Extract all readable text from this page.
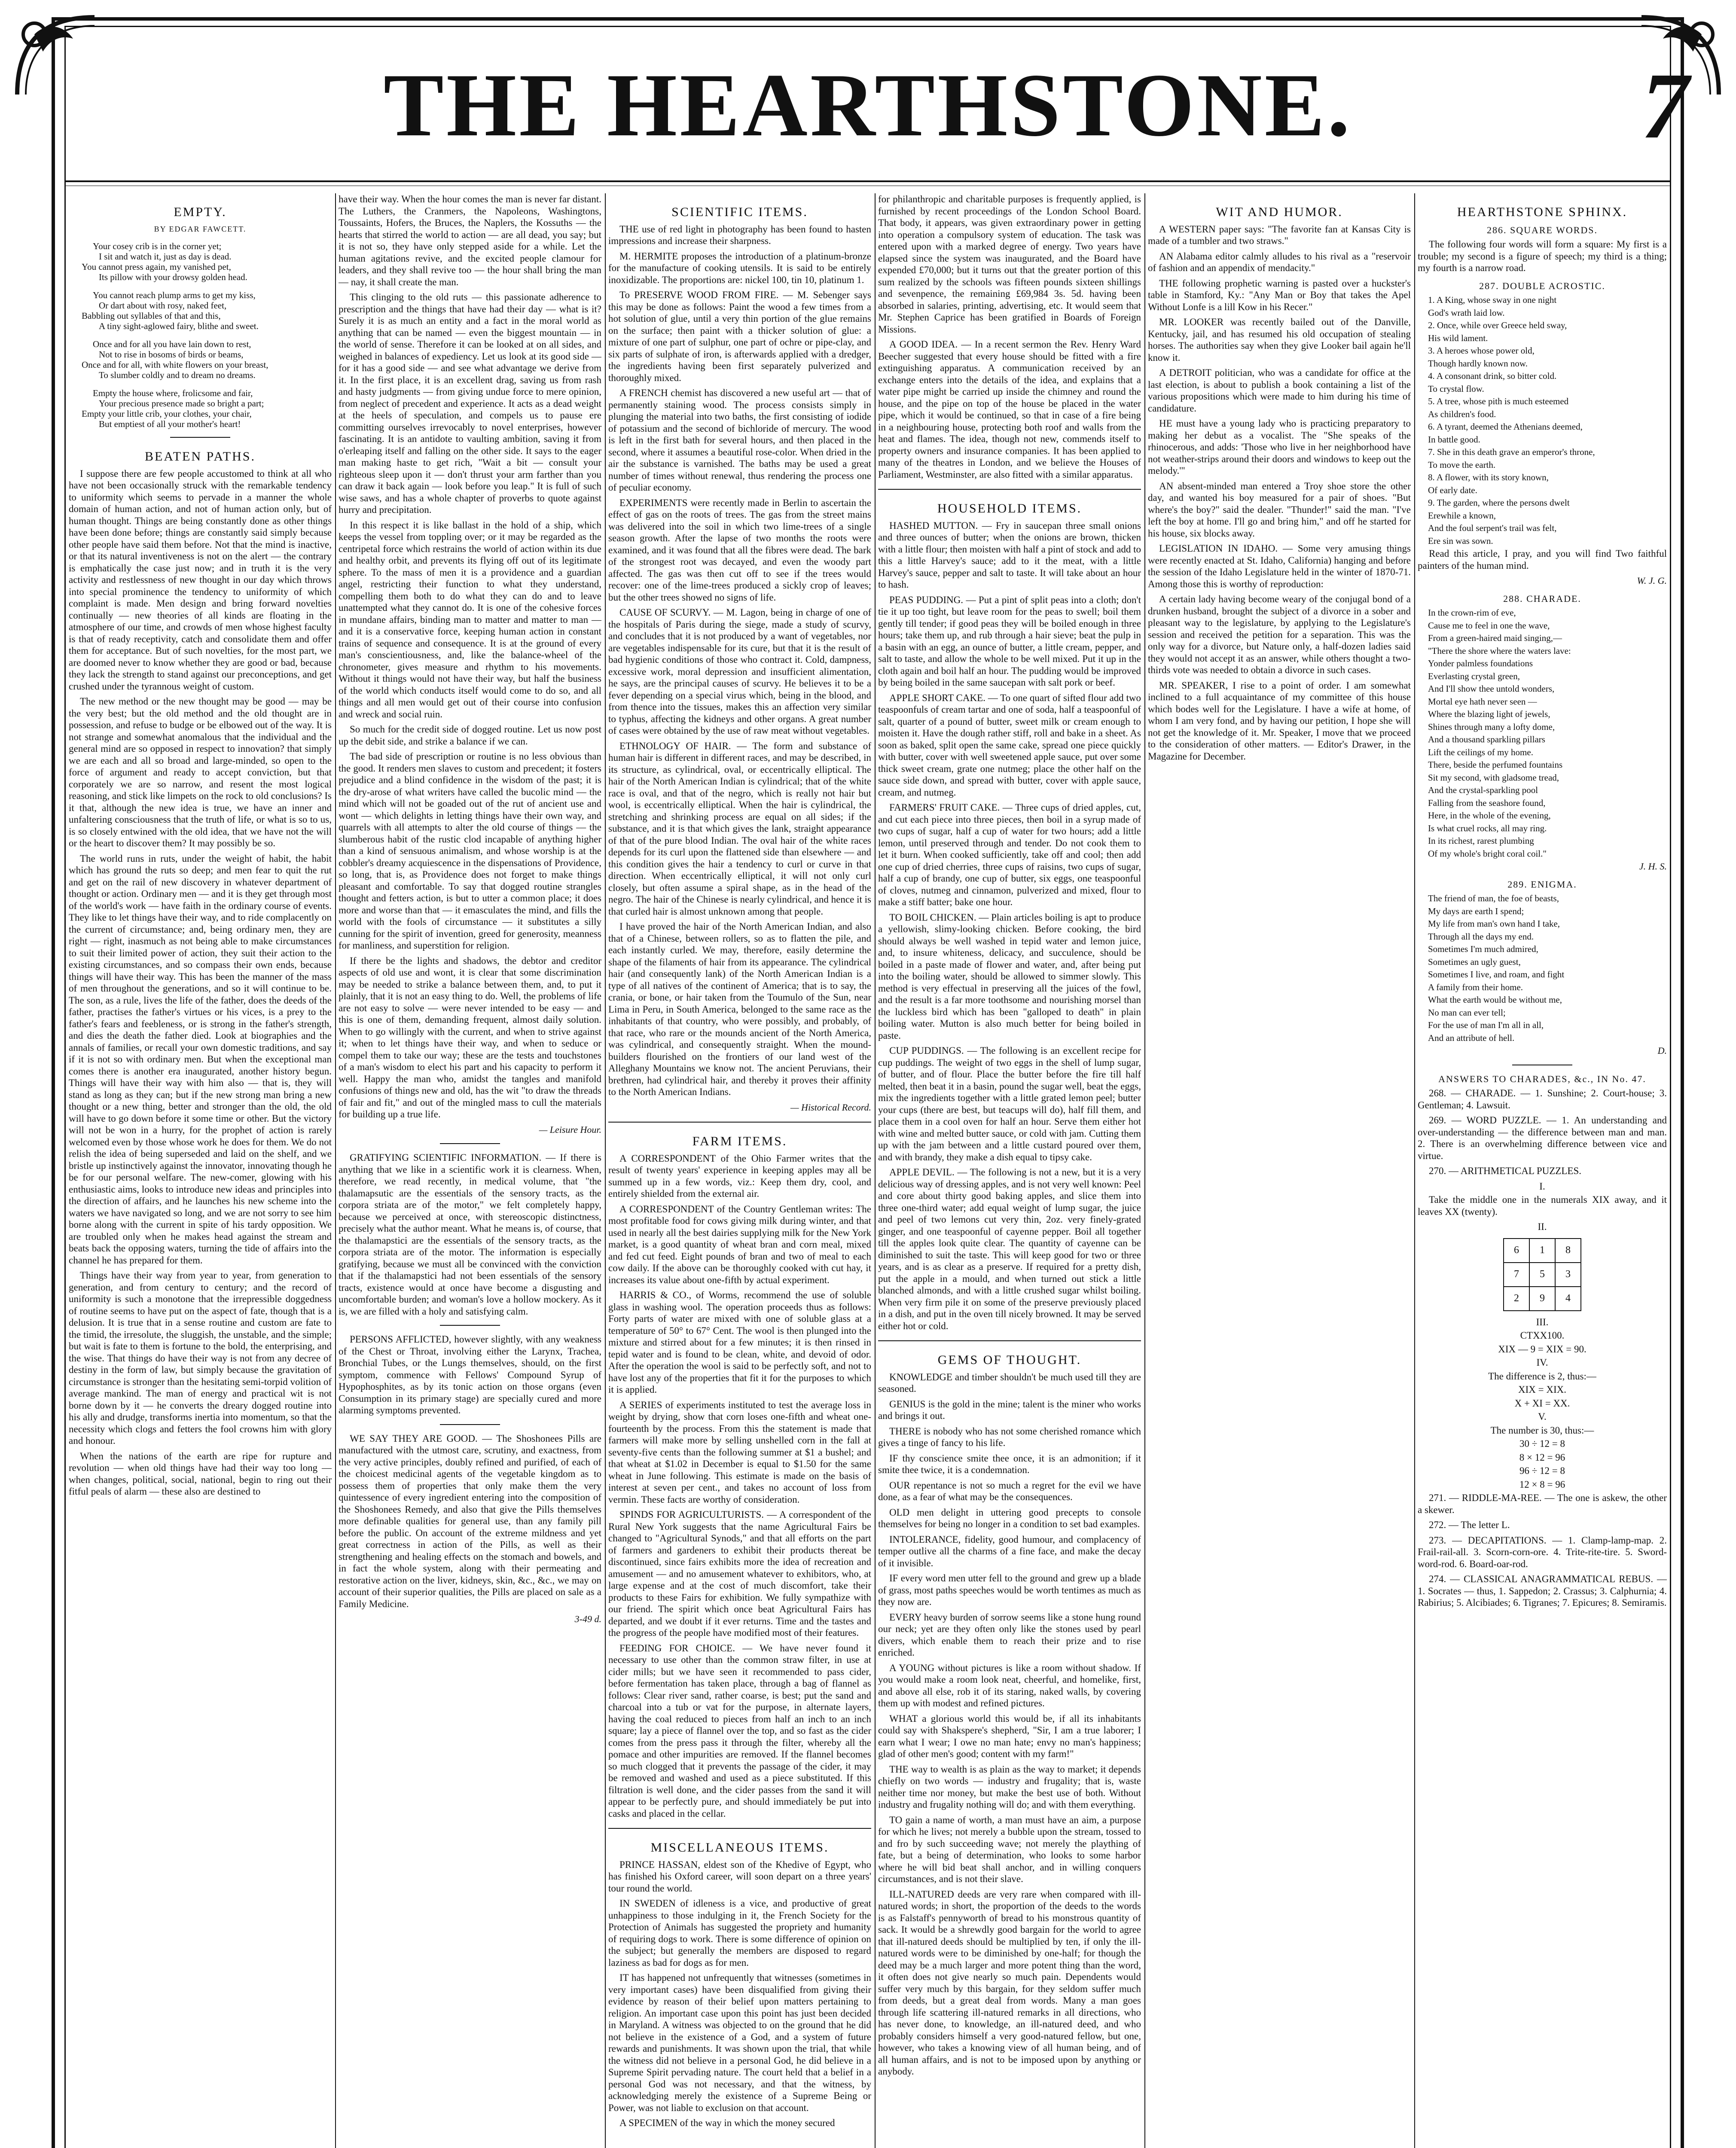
THE HEARTHSTONE.	7
EMPTY.
BY EDGAR FAWCETT.

Your cosey crib is in the corner yet;
I sit and watch it, just as day is dead.
You cannot press again, my vanished pet,
Its pillow with your drowsy golden head.

You cannot reach plump arms to get my kiss,
Or dart about with rosy, naked feet,
Babbling out syllables of that and this,
A tiny sight-aglowed fairy, blithe and sweet.

Once and for all you have lain down to rest,
Not to rise in bosoms of birds or beams,
Once and for all, with white flowers on your breast,
To slumber coldly and to dream no dreams.

Empty the house where, frolicsome and fair,
Your precious presence made so bright a part;
Empty your little crib, your clothes, your chair,
But emptiest of all your mother's heart!

BEATEN PATHS.

I suppose there are few people accustomed to think at all who have not been occasionally struck with the remarkable tendency to uniformity which seems to pervade in a manner the whole domain of human action, and not of human action only, but of human thought. Things are being constantly done as other things have been done before; things are constantly said simply because other people have said them before. Not that the mind is inactive, or that its natural inventiveness is not on the alert — the contrary is emphatically the case just now; and in truth it is the very activity and restlessness of new thought in our day which throws into special prominence the tendency to uniformity of which complaint is made. Men design and bring forward novelties continually — new theories of all kinds are floating in the atmosphere of our time, and crowds of men whose highest faculty is that of ready receptivity, catch and consolidate them and offer them for acceptance. But of such novelties, for the most part, we are doomed never to know whether they are good or bad, because they lack the strength to stand against our preconceptions, and get crushed under the tyrannous weight of custom.

The new method or the new thought may be good — may be the very best; but the old method and the old thought are in possession, and refuse to budge or be elbowed out of the way. It is not strange and somewhat anomalous that the individual and the general mind are so opposed in respect to innovation? that simply we are each and all so broad and large-minded, so open to the force of argument and ready to accept conviction, but that corporately we are so narrow, and resent the most logical reasoning, and stick like limpets on the rock to old conclusions? Is it that, although the new idea is true, we have an inner and unfaltering consciousness that the truth of life, or what is so to us, is so closely entwined with the old idea, that we have not the will or the heart to discover them? It may possibly be so.

The world runs in ruts, under the weight of habit, the habit which has ground the ruts so deep; and men fear to quit the rut and get on the rail of new discovery in whatever department of thought or action. Ordinary men — and it is they get through most of the world's work — have faith in the ordinary course of events. They like to let things have their way, and to ride complacently on the current of circumstance; and, being ordinary men, they are right — right, inasmuch as not being able to make circumstances to suit their limited power of action, they suit their action to the existing circumstances, and so compass their own ends, because things will have their way. This has been the manner of the mass of men throughout the generations, and so it will continue to be. The son, as a rule, lives the life of the father, does the deeds of the father, practises the father's virtues or his vices, is a prey to the father's fears and feebleness, or is strong in the father's strength, and dies the death the father died. Look at biographies and the annals of families, or recall your own domestic traditions, and say if it is not so with ordinary men. But when the exceptional man comes there is another era inaugurated, another history begun. Things will have their way with him also — that is, they will stand as long as they can; but if the new strong man bring a new thought or a new thing, better and stronger than the old, the old will have to go down before it some time or other. But the victory will not be won in a hurry, for the prophet of action is rarely welcomed even by those whose work he does for them. We do not relish the idea of being superseded and laid on the shelf, and we bristle up instinctively against the innovator, innovating though he be for our personal welfare. The new-comer, glowing with his enthusiastic aims, looks to introduce new ideas and principles into the direction of affairs, and he launches his new scheme into the waters we have navigated so long, and we are not sorry to see him borne along with the current in spite of his tardy opposition. We are troubled only when he makes head against the stream and beats back the opposing waters, turning the tide of affairs into the channel he has prepared for them.

Things have their way from year to year, from generation to generation, and from century to century; and the record of uniformity is such a monotone that the irrepressible doggedness of routine seems to have put on the aspect of fate, though that is a delusion. It is true that in a sense routine and custom are fate to the timid, the irresolute, the sluggish, the unstable, and the simple; but wait is fate to them is fortune to the bold, the enterprising, and the wise. That things do have their way is not from any decree of destiny in the form of law, but simply because the gravitation of circumstance is stronger than the hesitating semi-torpid volition of average mankind. The man of energy and practical wit is not borne down by it — he converts the dreary dogged routine into his ally and drudge, transforms inertia into momentum, so that the necessity which clogs and fetters the fool crowns him with glory and honour.

When the nations of the earth are ripe for rupture and revolution — when old things have had their way too long — when changes, political, social, national, begin to ring out their fitful peals of alarm — these also are destined to

have their way. When the hour comes the man is never far distant. The Luthers, the Cranmers, the Napoleons, Washingtons, Toussaints, Hofers, the Bruces, the Naplers, the Kossuths — the hearts that stirred the world to action — are all dead, you say; but it is not so, they have only stepped aside for a while. Let the human agitations revive, and the excited people clamour for leaders, and they shall revive too — the hour shall bring the man — nay, it shall create the man.

This clinging to the old ruts — this passionate adherence to prescription and the things that have had their day — what is it? Surely it is as much an entity and a fact in the moral world as anything that can be named — even the biggest mountain — in the world of sense. Therefore it can be looked at on all sides, and weighed in balances of expediency. Let us look at its good side — for it has a good side — and see what advantage we derive from it. In the first place, it is an excellent drag, saving us from rash and hasty judgments — from giving undue force to mere opinion, from neglect of precedent and experience. It acts as a dead weight at the heels of speculation, and compels us to pause ere committing ourselves irrevocably to novel enterprises, however fascinating. It is an antidote to vaulting ambition, saving it from o'erleaping itself and falling on the other side. It says to the eager man making haste to get rich, "Wait a bit — consult your righteous sleep upon it — don't thrust your arm farther than you can draw it back again — look before you leap." It is full of such wise saws, and has a whole chapter of proverbs to quote against hurry and precipitation.

In this respect it is like ballast in the hold of a ship, which keeps the vessel from toppling over; or it may be regarded as the centripetal force which restrains the world of action within its due and healthy orbit, and prevents its flying off out of its legitimate sphere. To the mass of men it is a providence and a guardian angel, restricting their function to what they understand, compelling them both to do what they can do and to leave unattempted what they cannot do. It is one of the cohesive forces in mundane affairs, binding man to matter and matter to man — and it is a conservative force, keeping human action in constant trains of sequence and consequence. It is at the ground of every man's conscientiousness, and, like the balance-wheel of the chronometer, gives measure and rhythm to his movements. Without it things would not have their way, but half the business of the world which conducts itself would come to do so, and all things and all men would get out of their course into confusion and wreck and social ruin.

So much for the credit side of dogged routine. Let us now post up the debit side, and strike a balance if we can.

The bad side of prescription or routine is no less obvious than the good. It renders men slaves to custom and precedent; it fosters prejudice and a blind confidence in the wisdom of the past; it is the dry-arose of what writers have called the bucolic mind — the mind which will not be goaded out of the rut of ancient use and wont — which delights in letting things have their own way, and quarrels with all attempts to alter the old course of things — the slumberous habit of the rustic clod incapable of anything higher than a kind of sensuous animalism, and whose worship is at the cobbler's dreamy acquiescence in the dispensations of Providence, so long, that is, as Providence does not forget to make things pleasant and comfortable. To say that dogged routine strangles thought and fetters action, is but to utter a common place; it does more and worse than that — it emasculates the mind, and fills the world with the fools of circumstance — it substitutes a silly cunning for the spirit of invention, greed for generosity, meanness for manliness, and superstition for religion.

If there be the lights and shadows, the debtor and creditor aspects of old use and wont, it is clear that some discrimination may be needed to strike a balance between them, and, to put it plainly, that it is not an easy thing to do. Well, the problems of life are not easy to solve — were never intended to be easy — and this is one of them, demanding frequent, almost daily solution. When to go willingly with the current, and when to strive against it; when to let things have their way, and when to seduce or compel them to take our way; these are the tests and touchstones of a man's wisdom to elect his part and his capacity to perform it well. Happy the man who, amidst the tangles and manifold confusions of things new and old, has the wit "to draw the threads of fair and fit," and out of the mingled mass to cull the materials for building up a true life.

— Leisure Hour.

GRATIFYING SCIENTIFIC INFORMATION. — If there is anything that we like in a scientific work it is clearness. When, therefore, we read recently, in medical volume, that "the thalamapsutic are the essentials of the sensory tracts, as the corpora striata are of the motor," we felt completely happy, because we perceived at once, with stereoscopic distinctness, precisely what the author meant. What he means is, of course, that the thalamapstici are the essentials of the sensory tracts, as the corpora striata are of the motor. The information is especially gratifying, because we must all be convinced with the conviction that if the thalamapstici had not been essentials of the sensory tracts, existence would at once have become a disgusting and uncomfortable burden; and woman's love a hollow mockery. As it is, we are filled with a holy and satisfying calm.

PERSONS AFFLICTED, however slightly, with any weakness of the Chest or Throat, involving either the Larynx, Trachea, Bronchial Tubes, or the Lungs themselves, should, on the first symptom, commence with Fellows' Compound Syrup of Hypophosphites, as by its tonic action on those organs (even Consumption in its primary stage) are specially cured and more alarming symptoms prevented.

WE SAY THEY ARE GOOD. — The Shoshonees Pills are manufactured with the utmost care, scrutiny, and exactness, from the very active principles, doubly refined and purified, of each of the choicest medicinal agents of the vegetable kingdom as to possess them of properties that only make them the very quintessence of every ingredient entering into the composition of the Shoshonees Remedy, and also that give the Pills themselves more definable qualities for general use, than any family pill before the public. On account of the extreme mildness and yet great correctness in action of the Pills, as well as their strengthening and healing effects on the stomach and bowels, and in fact the whole system, along with their permeating and restorative action on the liver, kidneys, skin, &c., &c., we may on account of their superior qualities, the Pills are placed on sale as a Family Medicine.

3-49 d.
SCIENTIFIC ITEMS.

THE use of red light in photography has been found to hasten impressions and increase their sharpness.

M. HERMITE proposes the introduction of a platinum-bronze for the manufacture of cooking utensils. It is said to be entirely inoxidizable. The proportions are: nickel 100, tin 10, platinum 1.

To PRESERVE WOOD FROM FIRE. — M. Sebenger says this may be done as follows: Paint the wood a few times from a hot solution of glue, until a very thin portion of the glue remains on the surface; then paint with a thicker solution of glue: a mixture of one part of sulphur, one part of ochre or pipe-clay, and six parts of sulphate of iron, is afterwards applied with a dredger, the ingredients having been first separately pulverized and thoroughly mixed.

A FRENCH chemist has discovered a new useful art — that of permanently staining wood. The process consists simply in plunging the material into two baths, the first consisting of iodide of potassium and the second of bichloride of mercury. The wood is left in the first bath for several hours, and then placed in the second, where it assumes a beautiful rose-color. When dried in the air the substance is varnished. The baths may be used a great number of times without renewal, thus rendering the process one of peculiar economy.

EXPERIMENTS were recently made in Berlin to ascertain the effect of gas on the roots of trees. The gas from the street mains was delivered into the soil in which two lime-trees of a single season growth. After the lapse of two months the roots were examined, and it was found that all the fibres were dead. The bark of the strongest root was decayed, and even the woody part affected. The gas was then cut off to see if the trees would recover: one of the lime-trees produced a sickly crop of leaves; but the other trees showed no signs of life.

CAUSE OF SCURVY. — M. Lagon, being in charge of one of the hospitals of Paris during the siege, made a study of scurvy, and concludes that it is not produced by a want of vegetables, nor are vegetables indispensable for its cure, but that it is the result of bad hygienic conditions of those who contract it. Cold, dampness, excessive work, moral depression and insufficient alimentation, he says, are the principal causes of scurvy. He believes it to be a fever depending on a special virus which, being in the blood, and from thence into the tissues, makes this an affection very similar to typhus, affecting the kidneys and other organs. A great number of cases were obtained by the use of raw meat without vegetables.

ETHNOLOGY OF HAIR. — The form and substance of human hair is different in different races, and may be described, in its structure, as cylindrical, oval, or eccentrically elliptical. The hair of the North American Indian is cylindrical; that of the white race is oval, and that of the negro, which is really not hair but wool, is eccentrically elliptical. When the hair is cylindrical, the stretching and shrinking process are equal on all sides; if the substance, and it is that which gives the lank, straight appearance of that of the pure blood Indian. The oval hair of the white races depends for its curl upon the flattened side than elsewhere — and this condition gives the hair a tendency to curl or curve in that direction. When eccentrically elliptical, it will not only curl closely, but often assume a spiral shape, as in the head of the negro. The hair of the Chinese is nearly cylindrical, and hence it is that curled hair is almost unknown among that people.

I have proved the hair of the North American Indian, and also that of a Chinese, between rollers, so as to flatten the pile, and each instantly curled. We may, therefore, easily determine the shape of the filaments of hair from its appearance. The cylindrical hair (and consequently lank) of the North American Indian is a type of all natives of the continent of America; that is to say, the crania, or bone, or hair taken from the Toumulo of the Sun, near Lima in Peru, in South America, belonged to the same race as the inhabitants of that country, who were possibly, and probably, of that race, who rare or the mounds ancient of the North America, was cylindrical, and consequently straight. When the mound-builders flourished on the frontiers of our land west of the Alleghany Mountains we know not. The ancient Peruvians, their brethren, had cylindrical hair, and thereby it proves their affinity to the North American Indians.

— Historical Record.
FARM ITEMS.

A CORRESPONDENT of the Ohio Farmer writes that the result of twenty years' experience in keeping apples may all be summed up in a few words, viz.: Keep them dry, cool, and entirely shielded from the external air.

A CORRESPONDENT of the Country Gentleman writes: The most profitable food for cows giving milk during winter, and that used in nearly all the best dairies supplying milk for the New York market, is a good quantity of wheat bran and corn meal, mixed and fed cut feed. Eight pounds of bran and two of meal to each cow daily. If the above can be thoroughly cooked with cut hay, it increases its value about one-fifth by actual experiment.

HARRIS & CO., of Worms, recommend the use of soluble glass in washing wool. The operation proceeds thus as follows: Forty parts of water are mixed with one of soluble glass at a temperature of 50° to 67° Cent. The wool is then plunged into the mixture and stirred about for a few minutes; it is then rinsed in tepid water and is found to be clean, white, and devoid of odor. After the operation the wool is said to be perfectly soft, and not to have lost any of the properties that fit it for the purposes to which it is applied.

A SERIES of experiments instituted to test the average loss in weight by drying, show that corn loses one-fifth and wheat one-fourteenth by the process. From this the statement is made that farmers will make more by selling unshelled corn in the fall at seventy-five cents than the following summer at $1 a bushel; and that wheat at $1.02 in December is equal to $1.50 for the same wheat in June following. This estimate is made on the basis of interest at seven per cent., and takes no account of loss from vermin. These facts are worthy of consideration.

SPINDS FOR AGRICULTURISTS. — A correspondent of the Rural New York suggests that the name Agricultural Fairs be changed to "Agricultural Synods," and that all efforts on the part of farmers and gardeners to exhibit their products thereat be discontinued, since fairs exhibits more the idea of recreation and amusement — and no amusement whatever to exhibitors, who, at large expense and at the cost of much discomfort, take their products to these Fairs for exhibition. We fully sympathize with our friend. The spirit which once beat Agricultural Fairs has departed, and we doubt if it ever returns. Time and the tastes and the progress of the people have modified most of their features.

FEEDING FOR CHOICE. — We have never found it necessary to use other than the common straw filter, in use at cider mills; but we have seen it recommended to pass cider, before fermentation has taken place, through a bag of flannel as follows: Clear river sand, rather coarse, is best; put the sand and charcoal into a tub or vat for the purpose, in alternate layers, having the coal reduced to pieces from half an inch to an inch square; lay a piece of flannel over the top, and so fast as the cider comes from the press pass it through the filter, whereby all the pomace and other impurities are removed. If the flannel becomes so much clogged that it prevents the passage of the cider, it may be removed and washed and used as a piece substituted. If this filtration is well done, and the cider passes from the sand it will appear to be perfectly pure, and should immediately be put into casks and placed in the cellar.

MISCELLANEOUS ITEMS.

PRINCE HASSAN, eldest son of the Khedive of Egypt, who has finished his Oxford career, will soon depart on a three years' tour round the world.

IN SWEDEN of idleness is a vice, and productive of great unhappiness to those indulging in it, the French Society for the Protection of Animals has suggested the propriety and humanity of requiring dogs to work. There is some difference of opinion on the subject; but generally the members are disposed to regard laziness as bad for dogs as for men.

IT has happened not unfrequently that witnesses (sometimes in very important cases) have been disqualified from giving their evidence by reason of their belief upon matters pertaining to religion. An important case upon this point has just been decided in Maryland. A witness was objected to on the ground that he did not believe in the existence of a God, and a system of future rewards and punishments. It was shown upon the trial, that while the witness did not believe in a personal God, he did believe in a Supreme Spirit pervading nature. The court held that a belief in a personal God was not necessary, and that the witness, by acknowledging merely the existence of a Supreme Being or Power, was not liable to exclusion on that account.

A SPECIMEN of the way in which the money secured

for philanthropic and charitable purposes is frequently applied, is furnished by recent proceedings of the London School Board. That body, it appears, was given extraordinary power in getting into operation a compulsory system of education. The task was entered upon with a marked degree of energy. Two years have elapsed since the system was inaugurated, and the Board have expended £70,000; but it turns out that the greater portion of this sum realized by the schools was fifteen pounds sixteen shillings and sevenpence, the remaining £69,984 3s. 5d. having been absorbed in salaries, printing, advertising, etc. It would seem that Mr. Stephen Caprice has been gratified in Boards of Foreign Missions.

A GOOD IDEA. — In a recent sermon the Rev. Henry Ward Beecher suggested that every house should be fitted with a fire extinguishing apparatus. A communication received by an exchange enters into the details of the idea, and explains that a water pipe might be carried up inside the chimney and round the house, and the pipe on top of the house be placed in the water pipe, which it would be continued, so that in case of a fire being in a neighbouring house, protecting both roof and walls from the heat and flames. The idea, though not new, commends itself to property owners and insurance companies. It has been applied to many of the theatres in London, and we believe the Houses of Parliament, Westminster, are also fitted with a similar apparatus.

HOUSEHOLD ITEMS.

HASHED MUTTON. — Fry in saucepan three small onions and three ounces of butter; when the onions are brown, thicken with a little flour; then moisten with half a pint of stock and add to this a little Harvey's sauce; add to it the meat, with a little Harvey's sauce, pepper and salt to taste. It will take about an hour to hash.

PEAS PUDDING. — Put a pint of split peas into a cloth; don't tie it up too tight, but leave room for the peas to swell; boil them gently till tender; if good peas they will be boiled enough in three hours; take them up, and rub through a hair sieve; beat the pulp in a basin with an egg, an ounce of butter, a little cream, pepper, and salt to taste, and allow the whole to be well mixed. Put it up in the cloth again and boil half an hour. The pudding would be improved by being boiled in the same saucepan with salt pork or beef.

APPLE SHORT CAKE. — To one quart of sifted flour add two teaspoonfuls of cream tartar and one of soda, half a teaspoonful of salt, quarter of a pound of butter, sweet milk or cream enough to moisten it. Have the dough rather stiff, roll and bake in a sheet. As soon as baked, split open the same cake, spread one piece quickly with butter, cover with well sweetened apple sauce, put over some thick sweet cream, grate one nutmeg; place the other half on the sauce side down, and spread with butter, cover with apple sauce, cream, and nutmeg.

FARMERS' FRUIT CAKE. — Three cups of dried apples, cut, and cut each piece into three pieces, then boil in a syrup made of two cups of sugar, half a cup of water for two hours; add a little lemon, until preserved through and tender. Do not cook them to let it burn. When cooked sufficiently, take off and cool; then add one cup of dried cherries, three cups of raisins, two cups of sugar, half a cup of brandy, one cup of butter, six eggs, one teaspoonful of cloves, nutmeg and cinnamon, pulverized and mixed, flour to make a stiff batter; bake one hour.

TO BOIL CHICKEN. — Plain articles boiling is apt to produce a yellowish, slimy-looking chicken. Before cooking, the bird should always be well washed in tepid water and lemon juice, and, to insure whiteness, delicacy, and succulence, should be boiled in a paste made of flower and water, and, after being put into the boiling water, should be allowed to simmer slowly. This method is very effectual in preserving all the juices of the fowl, and the result is a far more toothsome and nourishing morsel than the luckless bird which has been "galloped to death" in plain boiling water. Mutton is also much better for being boiled in paste.

CUP PUDDINGS. — The following is an excellent recipe for cup puddings. The weight of two eggs in the shell of lump sugar, of butter, and of flour. Place the butter before the fire till half melted, then beat it in a basin, pound the sugar well, beat the eggs, mix the ingredients together with a little grated lemon peel; butter your cups (there are best, but teacups will do), half fill them, and place them in a cool oven for half an hour. Serve them either hot with wine and melted butter sauce, or cold with jam. Cutting them up with the jam between and a little custard poured over them, and with brandy, they make a dish equal to tipsy cake.

APPLE DEVIL. — The following is not a new, but it is a very delicious way of dressing apples, and is not very well known: Peel and core about thirty good baking apples, and slice them into three one-third water; add equal weight of lump sugar, the juice and peel of two lemons cut very thin, 2oz. very finely-grated ginger, and one teaspoonful of cayenne pepper. Boil all together till the apples look quite clear. The quantity of cayenne can be diminished to suit the taste. This will keep good for two or three years, and is as clear as a preserve. If required for a pretty dish, put the apple in a mould, and when turned out stick a little blanched almonds, and with a little crushed sugar whilst boiling. When very firm pile it on some of the preserve previously placed in a dish, and put in the oven till nicely browned. It may be served either hot or cold.

GEMS OF THOUGHT.

KNOWLEDGE and timber shouldn't be much used till they are seasoned.

GENIUS is the gold in the mine; talent is the miner who works and brings it out.

THERE is nobody who has not some cherished romance which gives a tinge of fancy to his life.

IF thy conscience smite thee once, it is an admonition; if it smite thee twice, it is a condemnation.

OUR repentance is not so much a regret for the evil we have done, as a fear of what may be the consequences.

OLD men delight in uttering good precepts to console themselves for being no longer in a condition to set bad examples.

INTOLERANCE, fidelity, good humour, and complacency of temper outlive all the charms of a fine face, and make the decay of it invisible.

IF every word men utter fell to the ground and grew up a blade of grass, most paths speeches would be worth tentimes as much as they now are.

EVERY heavy burden of sorrow seems like a stone hung round our neck; yet are they often only like the stones used by pearl divers, which enable them to reach their prize and to rise enriched.

A YOUNG without pictures is like a room without shadow. If you would make a room look neat, cheerful, and homelike, first, and above all else, rob it of its staring, naked walls, by covering them up with modest and refined pictures.

WHAT a glorious world this would be, if all its inhabitants could say with Shakspere's shepherd, "Sir, I am a true laborer; I earn what I wear; I owe no man hate; envy no man's happiness; glad of other men's good; content with my farm!"

THE way to wealth is as plain as the way to market; it depends chiefly on two words — industry and frugality; that is, waste neither time nor money, but make the best use of both. Without industry and frugality nothing will do; and with them everything.

TO gain a name of worth, a man must have an aim, a purpose for which he lives; not merely a bubble upon the stream, tossed to and fro by such succeeding wave; not merely the plaything of fate, but a being of determination, who looks to some harbor where he will bid beat shall anchor, and in willing conquers circumstances, and is not their slave.

ILL-NATURED deeds are very rare when compared with ill-natured words; in short, the proportion of the deeds to the words is as Falstaff's pennyworth of bread to his monstrous quantity of sack. It would be a shrewdly good bargain for the world to agree that ill-natured deeds should be multiplied by ten, if only the ill-natured words were to be diminished by one-half; for though the deed may be a much larger and more potent thing than the word, it often does not give nearly so much pain. Dependents would suffer very much by this bargain, for they seldom suffer much from deeds, but a great deal from words. Many a man goes through life scattering ill-natured remarks in all directions, who has never done, to knowledge, an ill-natured deed, and who probably considers himself a very good-natured fellow, but one, however, who takes a knowing view of all human being, and of all human affairs, and is not to be imposed upon by anything or anybody.

WIT AND HUMOR.

A WESTERN paper says: "The favorite fan at Kansas City is made of a tumbler and two straws."

AN Alabama editor calmly alludes to his rival as a "reservoir of fashion and an appendix of mendacity."

THE following prophetic warning is pasted over a huckster's table in Stamford, Ky.: "Any Man or Boy that takes the Apel Without Lonfe is a lill Kow in his Recer."

MR. LOOKER was recently bailed out of the Danville, Kentucky, jail, and has resumed his old occupation of stealing horses. The authorities say when they give Looker bail again he'll know it.

A DETROIT politician, who was a candidate for office at the last election, is about to publish a book containing a list of the various propositions which were made to him during his time of candidature.

HE must have a young lady who is practicing preparatory to making her debut as a vocalist. The "She speaks of the rhinocerous, and adds: 'Those who live in her neighborhood have not weather-strips around their doors and windows to keep out the melody.'"

AN absent-minded man entered a Troy shoe store the other day, and wanted his boy measured for a pair of shoes. "But where's the boy?" said the dealer. "Thunder!" said the man. "I've left the boy at home. I'll go and bring him," and off he started for his house, six blocks away.

LEGISLATION IN IDAHO. — Some very amusing things were recently enacted at St. Idaho, California) hanging and before the session of the Idaho Legislature held in the winter of 1870-71. Among those this is worthy of reproduction:

A certain lady having become weary of the conjugal bond of a drunken husband, brought the subject of a divorce in a sober and pleasant way to the legislature, by applying to the Legislature's session and received the petition for a separation. This was the only way for a divorce, but Nature only, a half-dozen ladies said they would not accept it as an answer, while others thought a two-thirds vote was needed to obtain a divorce in such cases.

MR. SPEAKER, I rise to a point of order. I am somewhat inclined to a full acquaintance of my committee of this house which bodes well for the Legislature. I have a wife at home, of whom I am very fond, and by having our petition, I hope she will not get the knowledge of it. Mr. Speaker, I move that we proceed to the consideration of other matters. — Editor's Drawer, in the Magazine for December.

HEARTHSTONE SPHINX.
286. SQUARE WORDS.

The following four words will form a square: My first is a trouble; my second is a figure of speech; my third is a thing; my fourth is a narrow road.

287. DOUBLE ACROSTIC.

1. A King, whose sway in one night

God's wrath laid low.

2. Once, while over Greece held sway,

His wild lament.

3. A heroes whose power old,

Though hardly known now.

4. A consonant drink, so bitter cold.

To crystal flow.

5. A tree, whose pith is much esteemed

As children's food.

6. A tyrant, deemed the Athenians deemed,

In battle good.

7. She in this death grave an emperor's throne,

To move the earth.

8. A flower, with its story known,

Of early date.

9. The garden, where the persons dwelt

Erewhile a known,

And the foul serpent's trail was felt,

Ere sin was sown.

Read this article, I pray, and you will find Two faithful painters of the human mind.

W. J. G.
288. CHARADE.

In the crown-rim of eve,

Cause me to feel in one the wave,

From a green-haired maid singing,—

"There the shore where the waters lave:

Yonder palmless foundations

Everlasting crystal green,

And I'll show thee untold wonders,

Mortal eye hath never seen —

Where the blazing light of jewels,

Shines through many a lofty dome,

And a thousand sparkling pillars

Lift the ceilings of my home.

There, beside the perfumed fountains

Sit my second, with gladsome tread,

And the crystal-sparkling pool

Falling from the seashore found,

Here, in the whole of the evening,

Is what cruel rocks, all may ring.

In its richest, rarest plumbing

Of my whole's bright coral coil."

J. H. S.
289. ENIGMA.

The friend of man, the foe of beasts,

My days are earth I spend;

My life from man's own hand I take,

Through all the days my end.

Sometimes I'm much admired,

Sometimes an ugly guest,

Sometimes I live, and roam, and fight

A family from their home.

What the earth would be without me,

No man can ever tell;

For the use of man I'm all in all,

And an attribute of hell.

D.
ANSWERS TO CHARADES, &c., IN No. 47.

268. — CHARADE. — 1. Sunshine; 2. Court-house; 3. Gentleman; 4. Lawsuit.

269. — WORD PUZZLE. — 1. An understanding and over-understanding — the difference between man and man. 2. There is an overwhelming difference between vice and virtue.

270. — ARITHMETICAL PUZZLES.

I.

Take the middle one in the numerals XIX away, and it leaves XX (twenty).

II.
6	1	8
7	5	3
2	9	4
III.
CTXX100.
XIX — 9 = XIX = 90.
IV.
The difference is 2, thus:—
XIX = XIX.
X + XI = XX.
V.
The number is 30, thus:—
30 ÷ 12 = 8
8 × 12 = 96
96 ÷ 12 = 8
12 × 8 = 96

271. — RIDDLE-MA-REE. — The one is askew, the other a skewer.

272. — The letter L.

273. — DECAPITATIONS. — 1. Clamp-lamp-map. 2. Frail-rail-all. 3. Scorn-corn-ore. 4. Trite-rite-tire. 5. Sword-word-rod. 6. Board-oar-rod.

274. — CLASSICAL ANAGRAMMATICAL REBUS. — 1. Socrates — thus, 1. Sappedon; 2. Crassus; 3. Calphurnia; 4. Rabirius; 5. Alcibiades; 6. Tigranes; 7. Epicures; 8. Semiramis.
